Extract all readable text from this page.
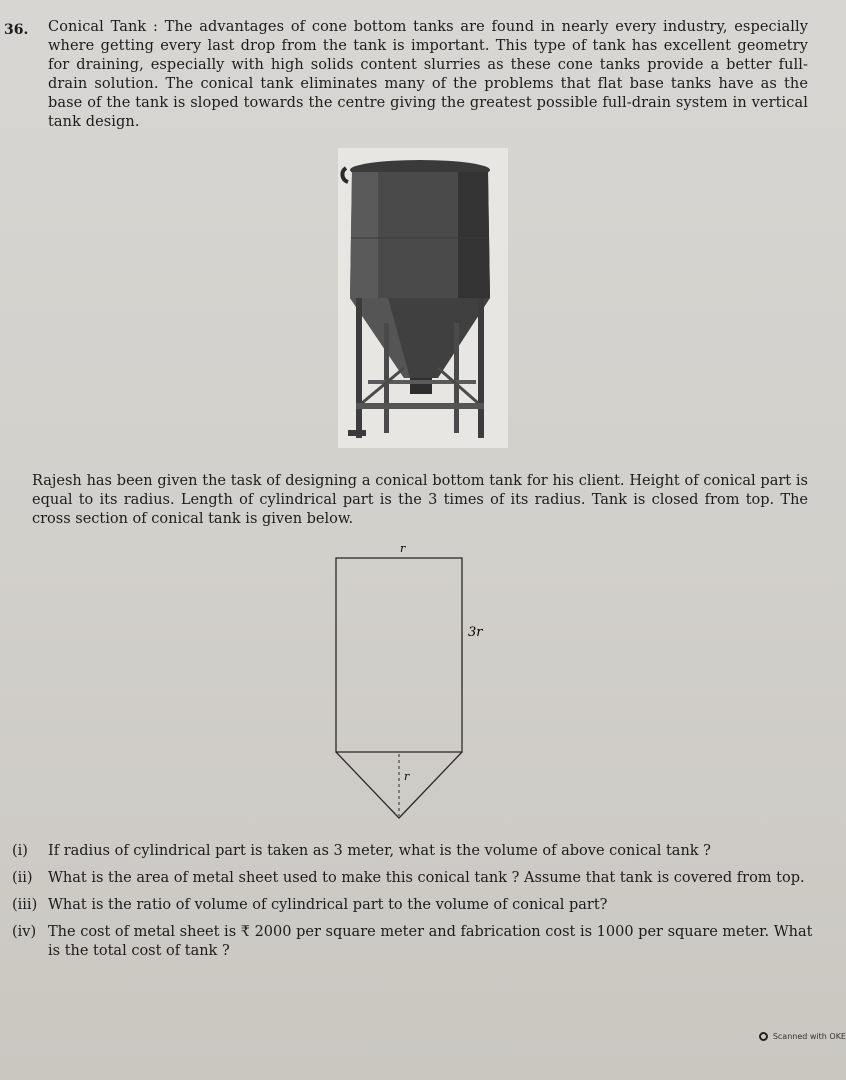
36. Conical Tank : The advantages of cone bottom tanks are found in nearly every industry, especially where getting every last drop from the tank is important. This type of tank has excellent geometry for draining, especially with high solids content slurries as these cone tanks provide a better full-drain solution. The conical tank eliminates many of the problems that flat base tanks have as the base of the tank is sloped towards the centre giving the greatest possible full-drain system in vertical tank design.
Rajesh has been given the task of designing a conical bottom tank for his client. Height of conical part is equal to its radius. Length of cylindrical part is the 3 times of its radius. Tank is closed from top. The cross section of conical tank is given below.
r
3r
r
(i)	If radius of cylindrical part is taken as 3 meter, what is the volume of above conical tank ?
(ii)	What is the area of metal sheet used to make this conical tank ? Assume that tank is covered from top.
(iii) What is the ratio of volume of cylindrical part to the volume of conical part?
(iv) The cost of metal sheet is ₹ 2000 per square meter and fabrication cost is 1000 per square meter. What is the total cost of tank ?
Scanned with OKE
